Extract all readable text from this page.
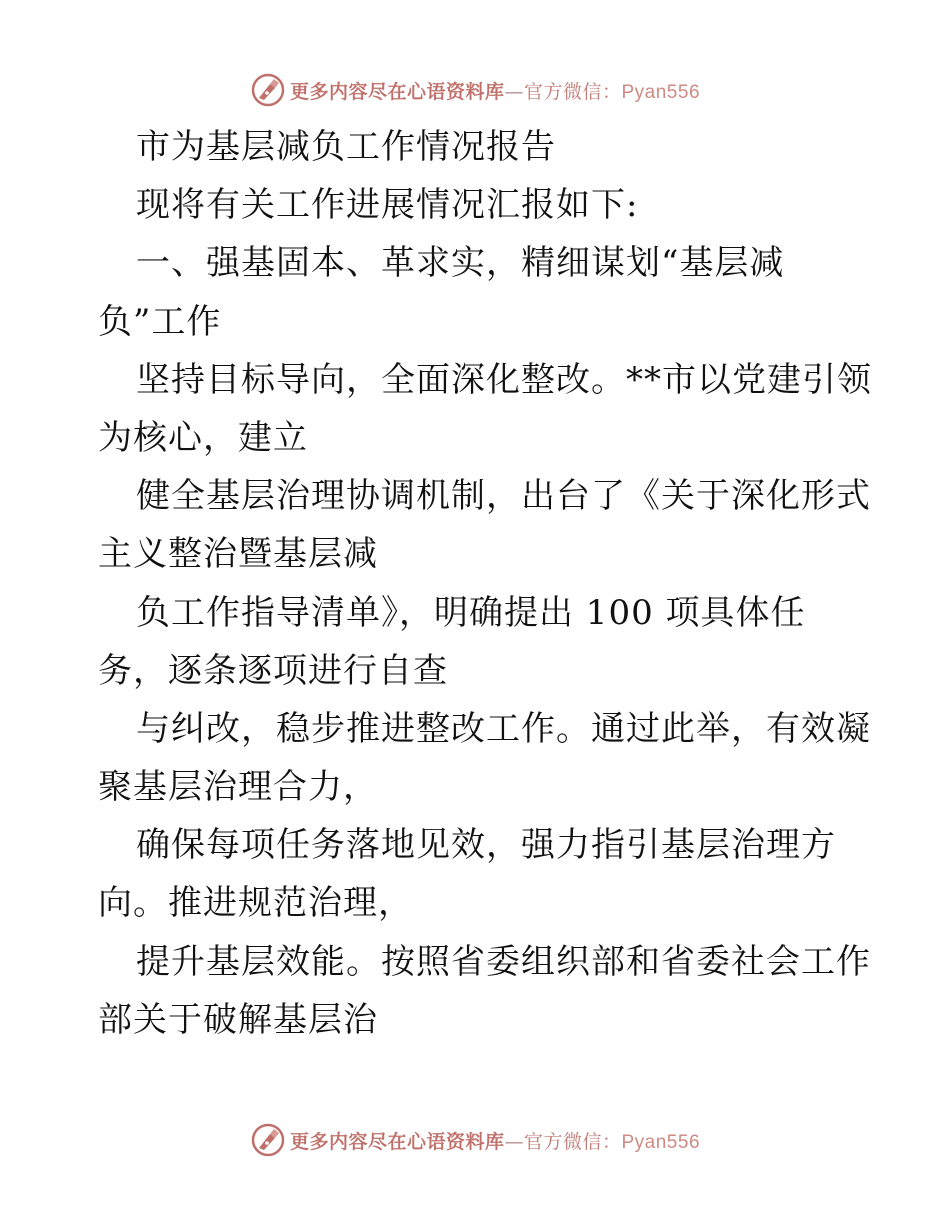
更多内容尽在心语资料库—官方微信：Pyan556
市为基层减负工作情况报告
现将有关工作进展情况汇报如下:
一、强基固本、革求实，精细谋划“基层减
负”工作
坚持目标导向，全面深化整改。**市以党建引领
为核心，建立
健全基层治理协调机制，出台了《关于深化形式
主义整治暨基层减
负工作指导清单》，明确提出 100 项具体任
务，逐条逐项进行自查
与纠改，稳步推进整改工作。通过此举，有效凝
聚基层治理合力，
确保每项任务落地见效，强力指引基层治理方
向。推进规范治理，
提升基层效能。按照省委组织部和省委社会工作
部关于破解基层治
更多内容尽在心语资料库—官方微信：Pyan556
